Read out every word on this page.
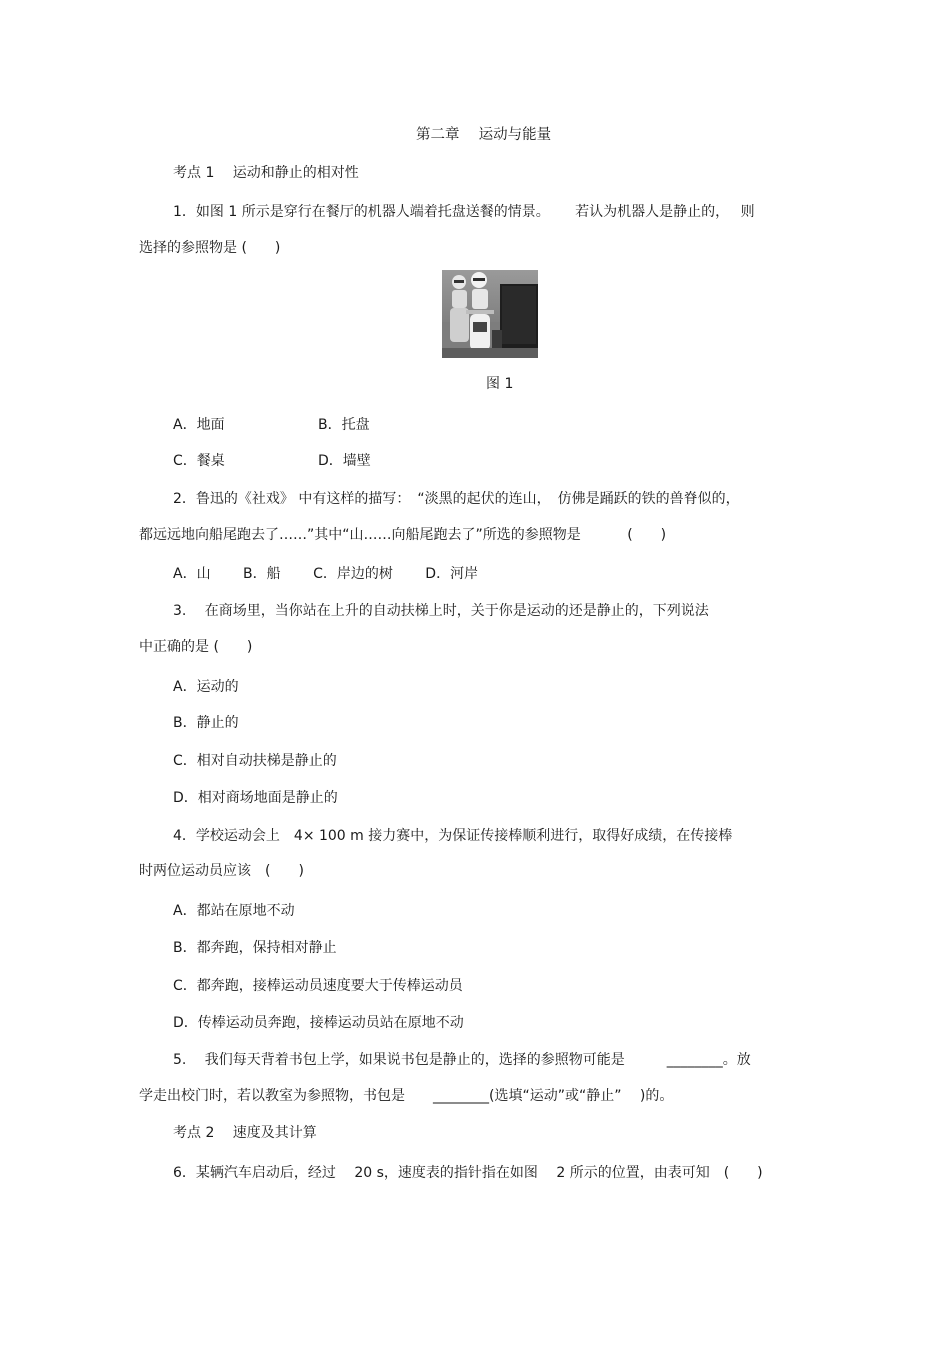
第二章　 运动与能量
考点 1　 运动和静止的相对性
1．如图 1 所示是穿行在餐厅的机器人端着托盘送餐的情景。　　 若认为机器人是静止的，　 则
选择的参照物是 (　　)
图 1
A．地面	B．托盘
C．餐桌	D．墙壁
2．鲁迅的《社戏》 中有这样的描写：　“淡黑的起伏的连山，　仿佛是踊跃的铁的兽脊似的，
都远远地向船尾跑去了……”其中“山……向船尾跑去了”所选的参照物是　　　 (　　)
A．山　　 B．船　　 C．岸边的树　　 D．河岸
3.　 在商场里，当你站在上升的自动扶梯上时，关于你是运动的还是静止的，下列说法
中正确的是 (　　)
A．运动的
B．静止的
C．相对自动扶梯是静止的
D．相对商场地面是静止的
4．学校运动会上　4× 100 m 接力赛中，为保证传接棒顺利进行，取得好成绩，在传接棒
时两位运动员应该　(　　)
A．都站在原地不动
B．都奔跑，保持相对静止
C．都奔跑，接棒运动员速度要大于传棒运动员
D．传棒运动员奔跑，接棒运动员站在原地不动
5.　 我们每天背着书包上学，如果说书包是静止的，选择的参照物可能是　　　________。放
学走出校门时，若以教室为参照物，书包是　　________(选填“运动”或“静止”　 )的。
考点 2　 速度及其计算
6．某辆汽车启动后，经过　 20 s，速度表的指针指在如图　 2 所示的位置，由表可知　(　　)
